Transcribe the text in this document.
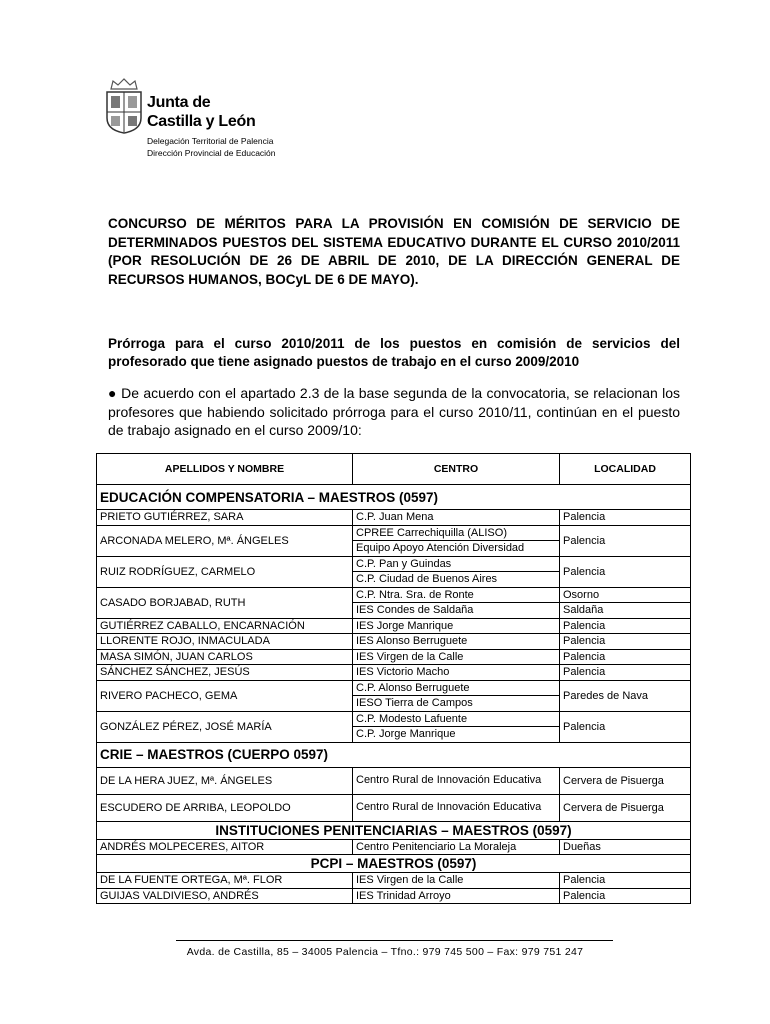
Junta de
Castilla y León
Delegación Territorial de Palencia
Dirección Provincial de Educación

CONCURSO DE MÉRITOS PARA LA PROVISIÓN EN COMISIÓN DE SERVICIO DE DETERMINADOS PUESTOS DEL SISTEMA EDUCATIVO DURANTE EL CURSO 2010/2011 (POR RESOLUCIÓN DE 26 DE ABRIL DE 2010, DE LA DIRECCIÓN GENERAL DE RECURSOS HUMANOS, BOCyL DE 6 DE MAYO).

Prórroga para el curso 2010/2011 de los puestos en comisión de servicios del profesorado que tiene asignado puestos de trabajo en el curso 2009/2010

● De acuerdo con el apartado 2.3 de la base segunda de la convocatoria, se relacionan los profesores que habiendo solicitado prórroga para el curso 2010/11, continúan en el puesto de trabajo asignado en el curso 2009/10:

APELLIDOS Y NOMBRE	CENTRO	LOCALIDAD
EDUCACIÓN COMPENSATORIA – MAESTROS (0597)		
PRIETO GUTIÉRREZ, SARA	C.P. Juan Mena	Palencia
ARCONADA MELERO, Mª. ÁNGELES	CPREE Carrechiquilla (ALISO)	Palencia
	Equipo Apoyo Atención Diversidad	
RUIZ RODRÍGUEZ, CARMELO	C.P. Pan y Guindas	Palencia
	C.P. Ciudad de Buenos Aires	
CASADO BORJABAD, RUTH	C.P. Ntra. Sra. de Ronte	Osorno
	IES Condes de Saldaña	Saldaña
GUTIÉRREZ CABALLO, ENCARNACIÓN	IES Jorge Manrique	Palencia
LLORENTE ROJO, INMACULADA	IES Alonso Berruguete	Palencia
MASA SIMÓN, JUAN CARLOS	IES Virgen de la Calle	Palencia
SÁNCHEZ SÁNCHEZ, JESÚS	IES Victorio Macho	Palencia
RIVERO PACHECO, GEMA	C.P. Alonso Berruguete	Paredes de Nava
	IESO Tierra de Campos	
GONZÁLEZ PÉREZ, JOSÉ MARÍA	C.P. Modesto Lafuente	Palencia
	C.P. Jorge Manrique	
CRIE – MAESTROS (CUERPO 0597)		
DE LA HERA JUEZ, Mª. ÁNGELES	Centro Rural de Innovación Educativa	Cervera de Pisuerga
ESCUDERO DE ARRIBA, LEOPOLDO	Centro Rural de Innovación Educativa	Cervera de Pisuerga
INSTITUCIONES PENITENCIARIAS – MAESTROS (0597)		
ANDRÉS MOLPECERES, AITOR	Centro Penitenciario La Moraleja	Dueñas
PCPI – MAESTROS (0597)		
DE LA FUENTE ORTEGA, Mª. FLOR	IES Virgen de la Calle	Palencia
GUIJAS VALDIVIESO, ANDRÉS	IES Trinidad Arroyo	Palencia
Avda. de Castilla, 85 – 34005 Palencia – Tfno.: 979 745 500 – Fax: 979 751 247
